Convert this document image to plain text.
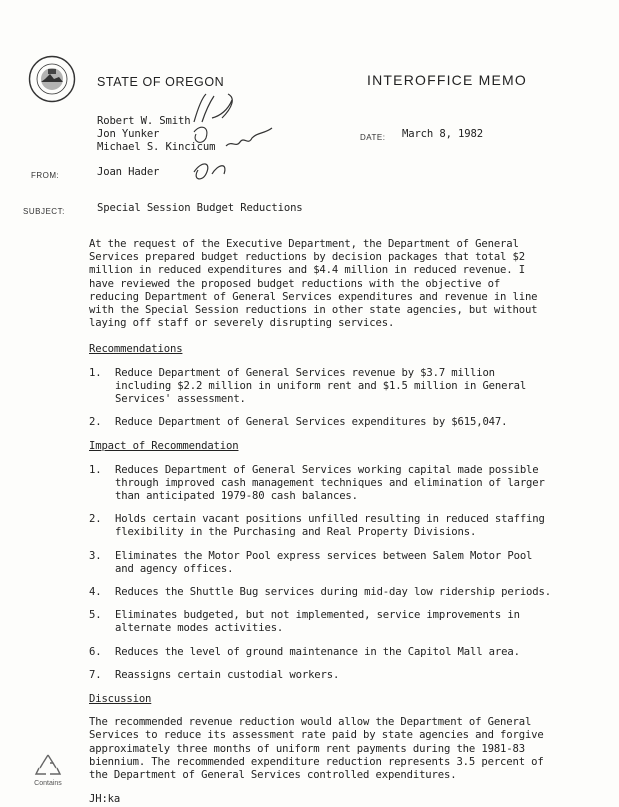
STATE OF OREGON	INTEROFFICE MEMO
Robert W. Smith
Jon Yunker
Michael S. Kincicum
DATE: March 8, 1982
FROM:	Joan Hader
SUBJECT:	Special Session Budget Reductions
At the request of the Executive Department, the Department of General Services prepared budget reductions by decision packages that total $2 million in reduced expenditures and $4.4 million in reduced revenue. I have reviewed the proposed budget reductions with the objective of reducing Department of General Services expenditures and revenue in line with the Special Session reductions in other state agencies, but without laying off staff or severely disrupting services.
Recommendations
1.	Reduce Department of General Services revenue by $3.7 million including $2.2 million in uniform rent and $1.5 million in General Services' assessment.
2.	Reduce Department of General Services expenditures by $615,047.
Impact of Recommendation
1.	Reduces Department of General Services working capital made possible through improved cash management techniques and elimination of larger than anticipated 1979-80 cash balances.
2.	Holds certain vacant positions unfilled resulting in reduced staffing flexibility in the Purchasing and Real Property Divisions.
3.	Eliminates the Motor Pool express services between Salem Motor Pool and agency offices.
4.	Reduces the Shuttle Bug services during mid-day low ridership periods.
5.	Eliminates budgeted, but not implemented, service improvements in alternate modes activities.
6.	Reduces the level of ground maintenance in the Capitol Mall area.
7.	Reassigns certain custodial workers.
Discussion
The recommended revenue reduction would allow the Department of General Services to reduce its assessment rate paid by state agencies and forgive approximately three months of uniform rent payments during the 1981-83 biennium. The recommended expenditure reduction represents 3.5 percent of the Department of General Services controlled expenditures.
JH:ka
Contains
